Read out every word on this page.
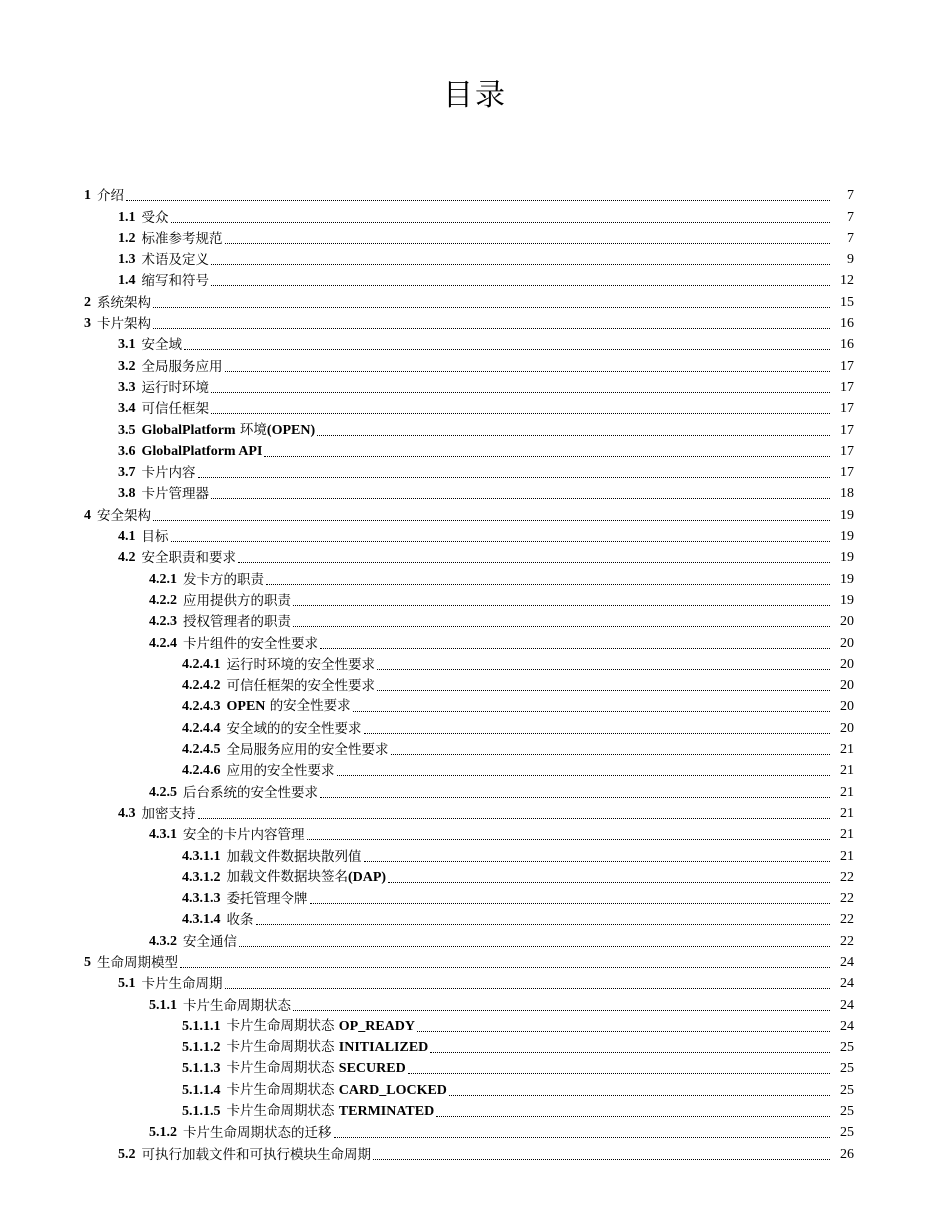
目录
1 介绍	7
1.1 受众	7
1.2 标准参考规范	7
1.3 术语及定义	9
1.4 缩写和符号	12
2 系统架构	15
3 卡片架构	16
3.1 安全域	16
3.2 全局服务应用	17
3.3 运行时环境	17
3.4 可信任框架	17
3.5 GlobalPlatform 环境(OPEN)	17
3.6 GlobalPlatform API	17
3.7 卡片内容	17
3.8 卡片管理器	18
4 安全架构	19
4.1 目标	19
4.2 安全职责和要求	19
4.2.1 发卡方的职责	19
4.2.2 应用提供方的职责	19
4.2.3 授权管理者的职责	20
4.2.4 卡片组件的安全性要求	20
4.2.4.1 运行时环境的安全性要求	20
4.2.4.2 可信任框架的安全性要求	20
4.2.4.3 OPEN 的安全性要求	20
4.2.4.4 安全域的的安全性要求	20
4.2.4.5 全局服务应用的安全性要求	21
4.2.4.6 应用的安全性要求	21
4.2.5 后台系统的安全性要求	21
4.3 加密支持	21
4.3.1 安全的卡片内容管理	21
4.3.1.1 加载文件数据块散列值	21
4.3.1.2 加载文件数据块签名(DAP)	22
4.3.1.3 委托管理令牌	22
4.3.1.4 收条	22
4.3.2 安全通信	22
5 生命周期模型	24
5.1 卡片生命周期	24
5.1.1 卡片生命周期状态	24
5.1.1.1 卡片生命周期状态 OP_READY	24
5.1.1.2 卡片生命周期状态 INITIALIZED	25
5.1.1.3 卡片生命周期状态 SECURED	25
5.1.1.4 卡片生命周期状态 CARD_LOCKED	25
5.1.1.5 卡片生命周期状态 TERMINATED	25
5.1.2 卡片生命周期状态的迁移	25
5.2 可执行加载文件和可执行模块生命周期	26
